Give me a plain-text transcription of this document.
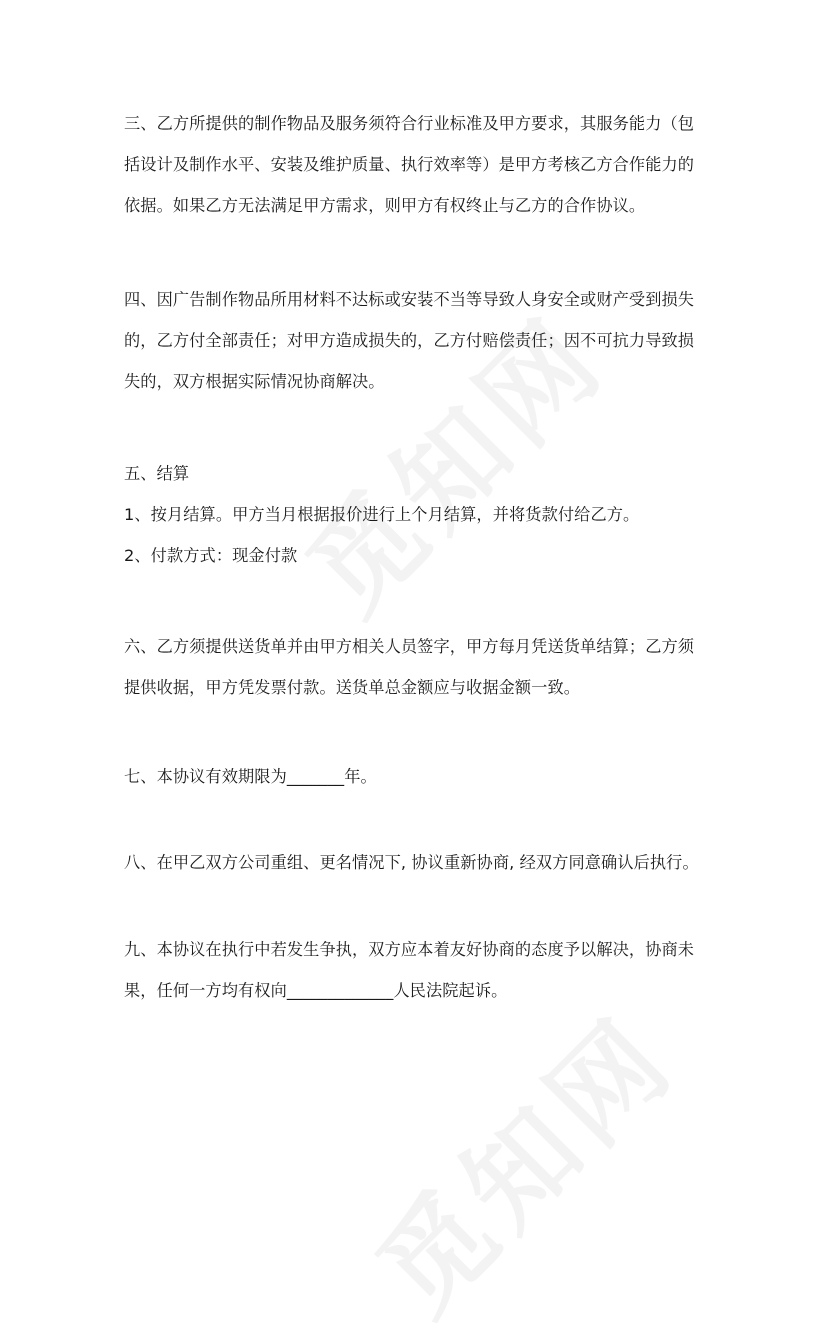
三、乙方所提供的制作物品及服务须符合行业标准及甲方要求，其服务能力（包
括设计及制作水平、安装及维护质量、执行效率等）是甲方考核乙方合作能力的
依据。如果乙方无法满足甲方需求，则甲方有权终止与乙方的合作协议。

四、因广告制作物品所用材料不达标或安装不当等导致人身安全或财产受到损失
的，乙方付全部责任；对甲方造成损失的，乙方付赔偿责任；因不可抗力导致损
失的，双方根据实际情况协商解决。

五、结算
1、按月结算。甲方当月根据报价进行上个月结算，并将货款付给乙方。
2、付款方式：现金付款

六、乙方须提供送货单并由甲方相关人员签字，甲方每月凭送货单结算；乙方须
提供收据，甲方凭发票付款。送货单总金额应与收据金额一致。

七、本协议有效期限为_______年。

八、在甲乙双方公司重组、更名情况下, 协议重新协商, 经双方同意确认后执行。

九、本协议在执行中若发生争执，双方应本着友好协商的态度予以解决，协商未
果，任何一方均有权向_____________人民法院起诉。
